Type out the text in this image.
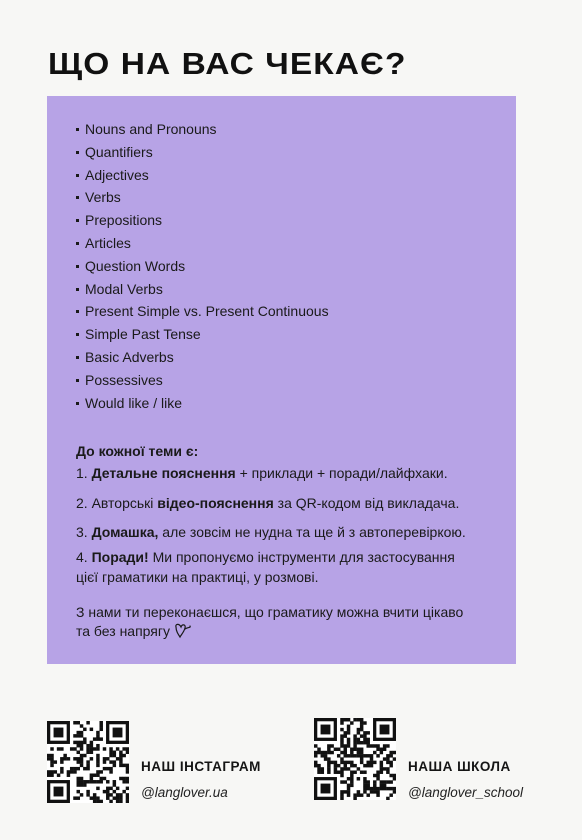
ЩО НА ВАС ЧЕКАЄ?
Nouns and Pronouns
Quantifiers
Adjectives
Verbs
Prepositions
Articles
Question Words
Modal Verbs
Present Simple vs. Present Continuous
Simple Past Tense
Basic Adverbs
Possessives
Would like / like
До кожної теми є:
1. Детальне пояснення + приклади + поради/лайфхаки.
2. Авторські відео-пояснення за QR-кодом від викладача.
3. Домашка, але зовсім не нудна та ще й з автоперевіркою.
4. Поради! Ми пропонуємо інструменти для застосування
цієї граматики на практиці, у розмові.
З нами ти переконаєшся, що граматику можна вчити цікаво
та без напрягу
НАШ ІНСТАГРАМ
@langlover.ua
НАША ШКОЛА
@langlover_school
